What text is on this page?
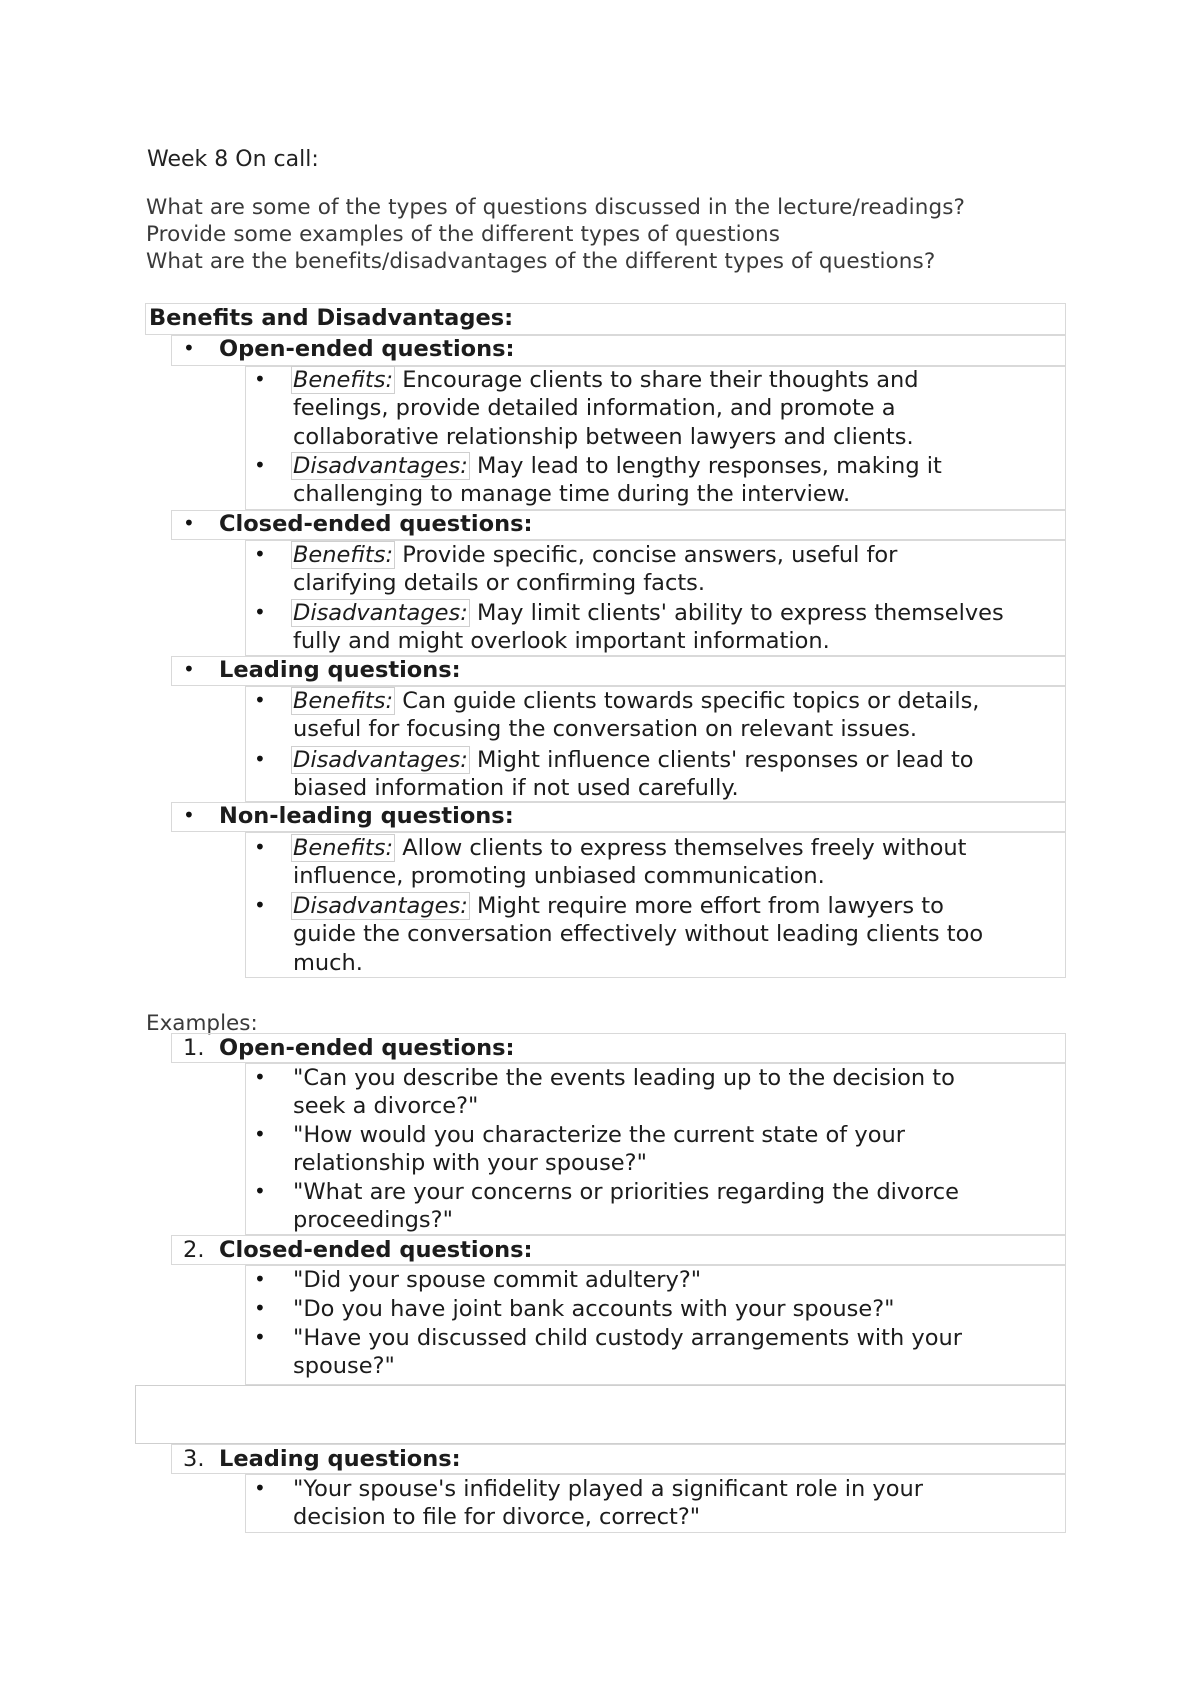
Week 8 On call:
What are some of the types of questions discussed in the lecture/readings?
Provide some examples of the different types of questions
What are the benefits/disadvantages of the different types of questions?
Benefits and Disadvantages:
• Open-ended questions:
• Benefits: Encourage clients to share their thoughts and
feelings, provide detailed information, and promote a
collaborative relationship between lawyers and clients.
• Disadvantages: May lead to lengthy responses, making it
challenging to manage time during the interview.
• Closed-ended questions:
• Benefits: Provide specific, concise answers, useful for
clarifying details or confirming facts.
• Disadvantages: May limit clients' ability to express themselves
fully and might overlook important information.
• Leading questions:
• Benefits: Can guide clients towards specific topics or details,
useful for focusing the conversation on relevant issues.
• Disadvantages: Might influence clients' responses or lead to
biased information if not used carefully.
• Non-leading questions:
• Benefits: Allow clients to express themselves freely without
influence, promoting unbiased communication.
• Disadvantages: Might require more effort from lawyers to
guide the conversation effectively without leading clients too
much.
Examples:
1. Open-ended questions:
• "Can you describe the events leading up to the decision to
seek a divorce?"
• "How would you characterize the current state of your
relationship with your spouse?"
• "What are your concerns or priorities regarding the divorce
proceedings?"
2. Closed-ended questions:
• "Did your spouse commit adultery?"
• "Do you have joint bank accounts with your spouse?"
• "Have you discussed child custody arrangements with your
spouse?"
3. Leading questions:
• "Your spouse's infidelity played a significant role in your
decision to file for divorce, correct?"
